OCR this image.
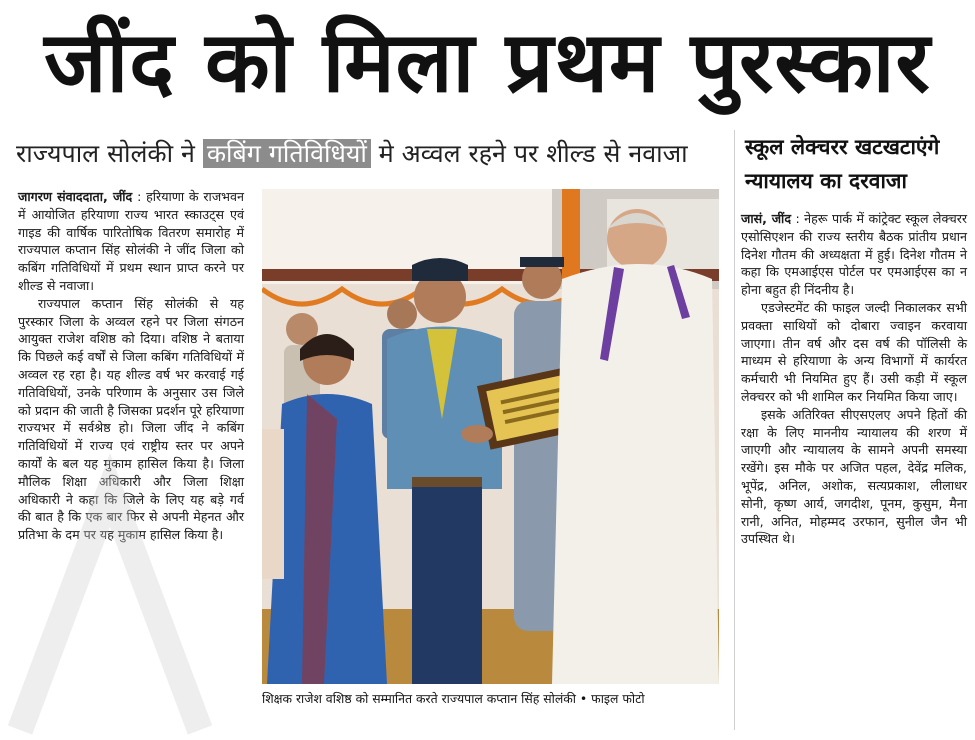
जींद को मिला प्रथम पुरस्कार
राज्यपाल सोलंकी ने कबिंग गतिविधियों मे अव्वल रहने पर शील्ड से नवाजा	स्कूल लेक्चरर खटखटाएंगे न्यायालय का दरवाजा

जागरण संवाददाता, जींद : हरियाणा के राजभवन में आयोजित हरियाणा राज्य भारत स्काउट्स एवं गाइड की वार्षिक पारितोषिक वितरण समारोह में राज्यपाल कप्तान सिंह सोलंकी ने जींद जिला को कबिंग गतिविधियों में प्रथम स्थान प्राप्त करने पर शील्ड से नवाजा।

राज्यपाल कप्तान सिंह सोलंकी से यह पुरस्कार जिला के अव्वल रहने पर जिला संगठन आयुक्त राजेश वशिष्ठ को दिया। वशिष्ठ ने बताया कि पिछले कई वर्षों से जिला कबिंग गतिविधियों में अव्वल रह रहा है। यह शील्ड वर्ष भर करवाई गई गतिविधियों, उनके परिणाम के अनुसार उस जिले को प्रदान की जाती है जिसका प्रदर्शन पूरे हरियाणा राज्यभर में सर्वश्रेष्ठ हो। जिला जींद ने कबिंग गतिविधियों में राज्य एवं राष्ट्रीय स्तर पर अपने कार्यों के बल यह मुकाम हासिल किया है। जिला मौलिक शिक्षा अधिकारी और जिला शिक्षा अधिकारी ने कहा कि जिले के लिए यह बड़े गर्व की बात है कि एक बार फिर से अपनी मेहनत और प्रतिभा के दम पर यह मुकाम हासिल किया है।

शिक्षक राजेश वशिष्ठ को सम्मानित करते राज्यपाल कप्तान सिंह सोलंकी • फाइल फोटो

जासं, जींद : नेहरू पार्क में कांट्रेक्ट स्कूल लेक्चरर एसोसिएशन की राज्य स्तरीय बैठक प्रांतीय प्रधान दिनेश गौतम की अध्यक्षता में हुई। दिनेश गौतम ने कहा कि एमआईएस पोर्टल पर एमआईएस का न होना बहुत ही निंदनीय है।

एडजेस्टमेंट की फाइल जल्दी निकालकर सभी प्रवक्ता साथियों को दोबारा ज्वाइन करवाया जाएगा। तीन वर्ष और दस वर्ष की पॉलिसी के माध्यम से हरियाणा के अन्य विभागों में कार्यरत कर्मचारी भी नियमित हुए हैं। उसी कड़ी में स्कूल लेक्चरर को भी शामिल कर नियमित किया जाए।

इसके अतिरिक्त सीएसएलए अपने हितों की रक्षा के लिए माननीय न्यायालय की शरण में जाएगी और न्यायालय के सामने अपनी समस्या रखेंगे। इस मौके पर अजित पहल, देवेंद्र मलिक, भूपेंद्र, अनिल, अशोक, सत्यप्रकाश, लीलाधर सोनी, कृष्ण आर्य, जगदीश, पूनम, कुसुम, मैना रानी, अनित, मोहम्मद उरफान, सुनील जैन भी उपस्थित थे।
